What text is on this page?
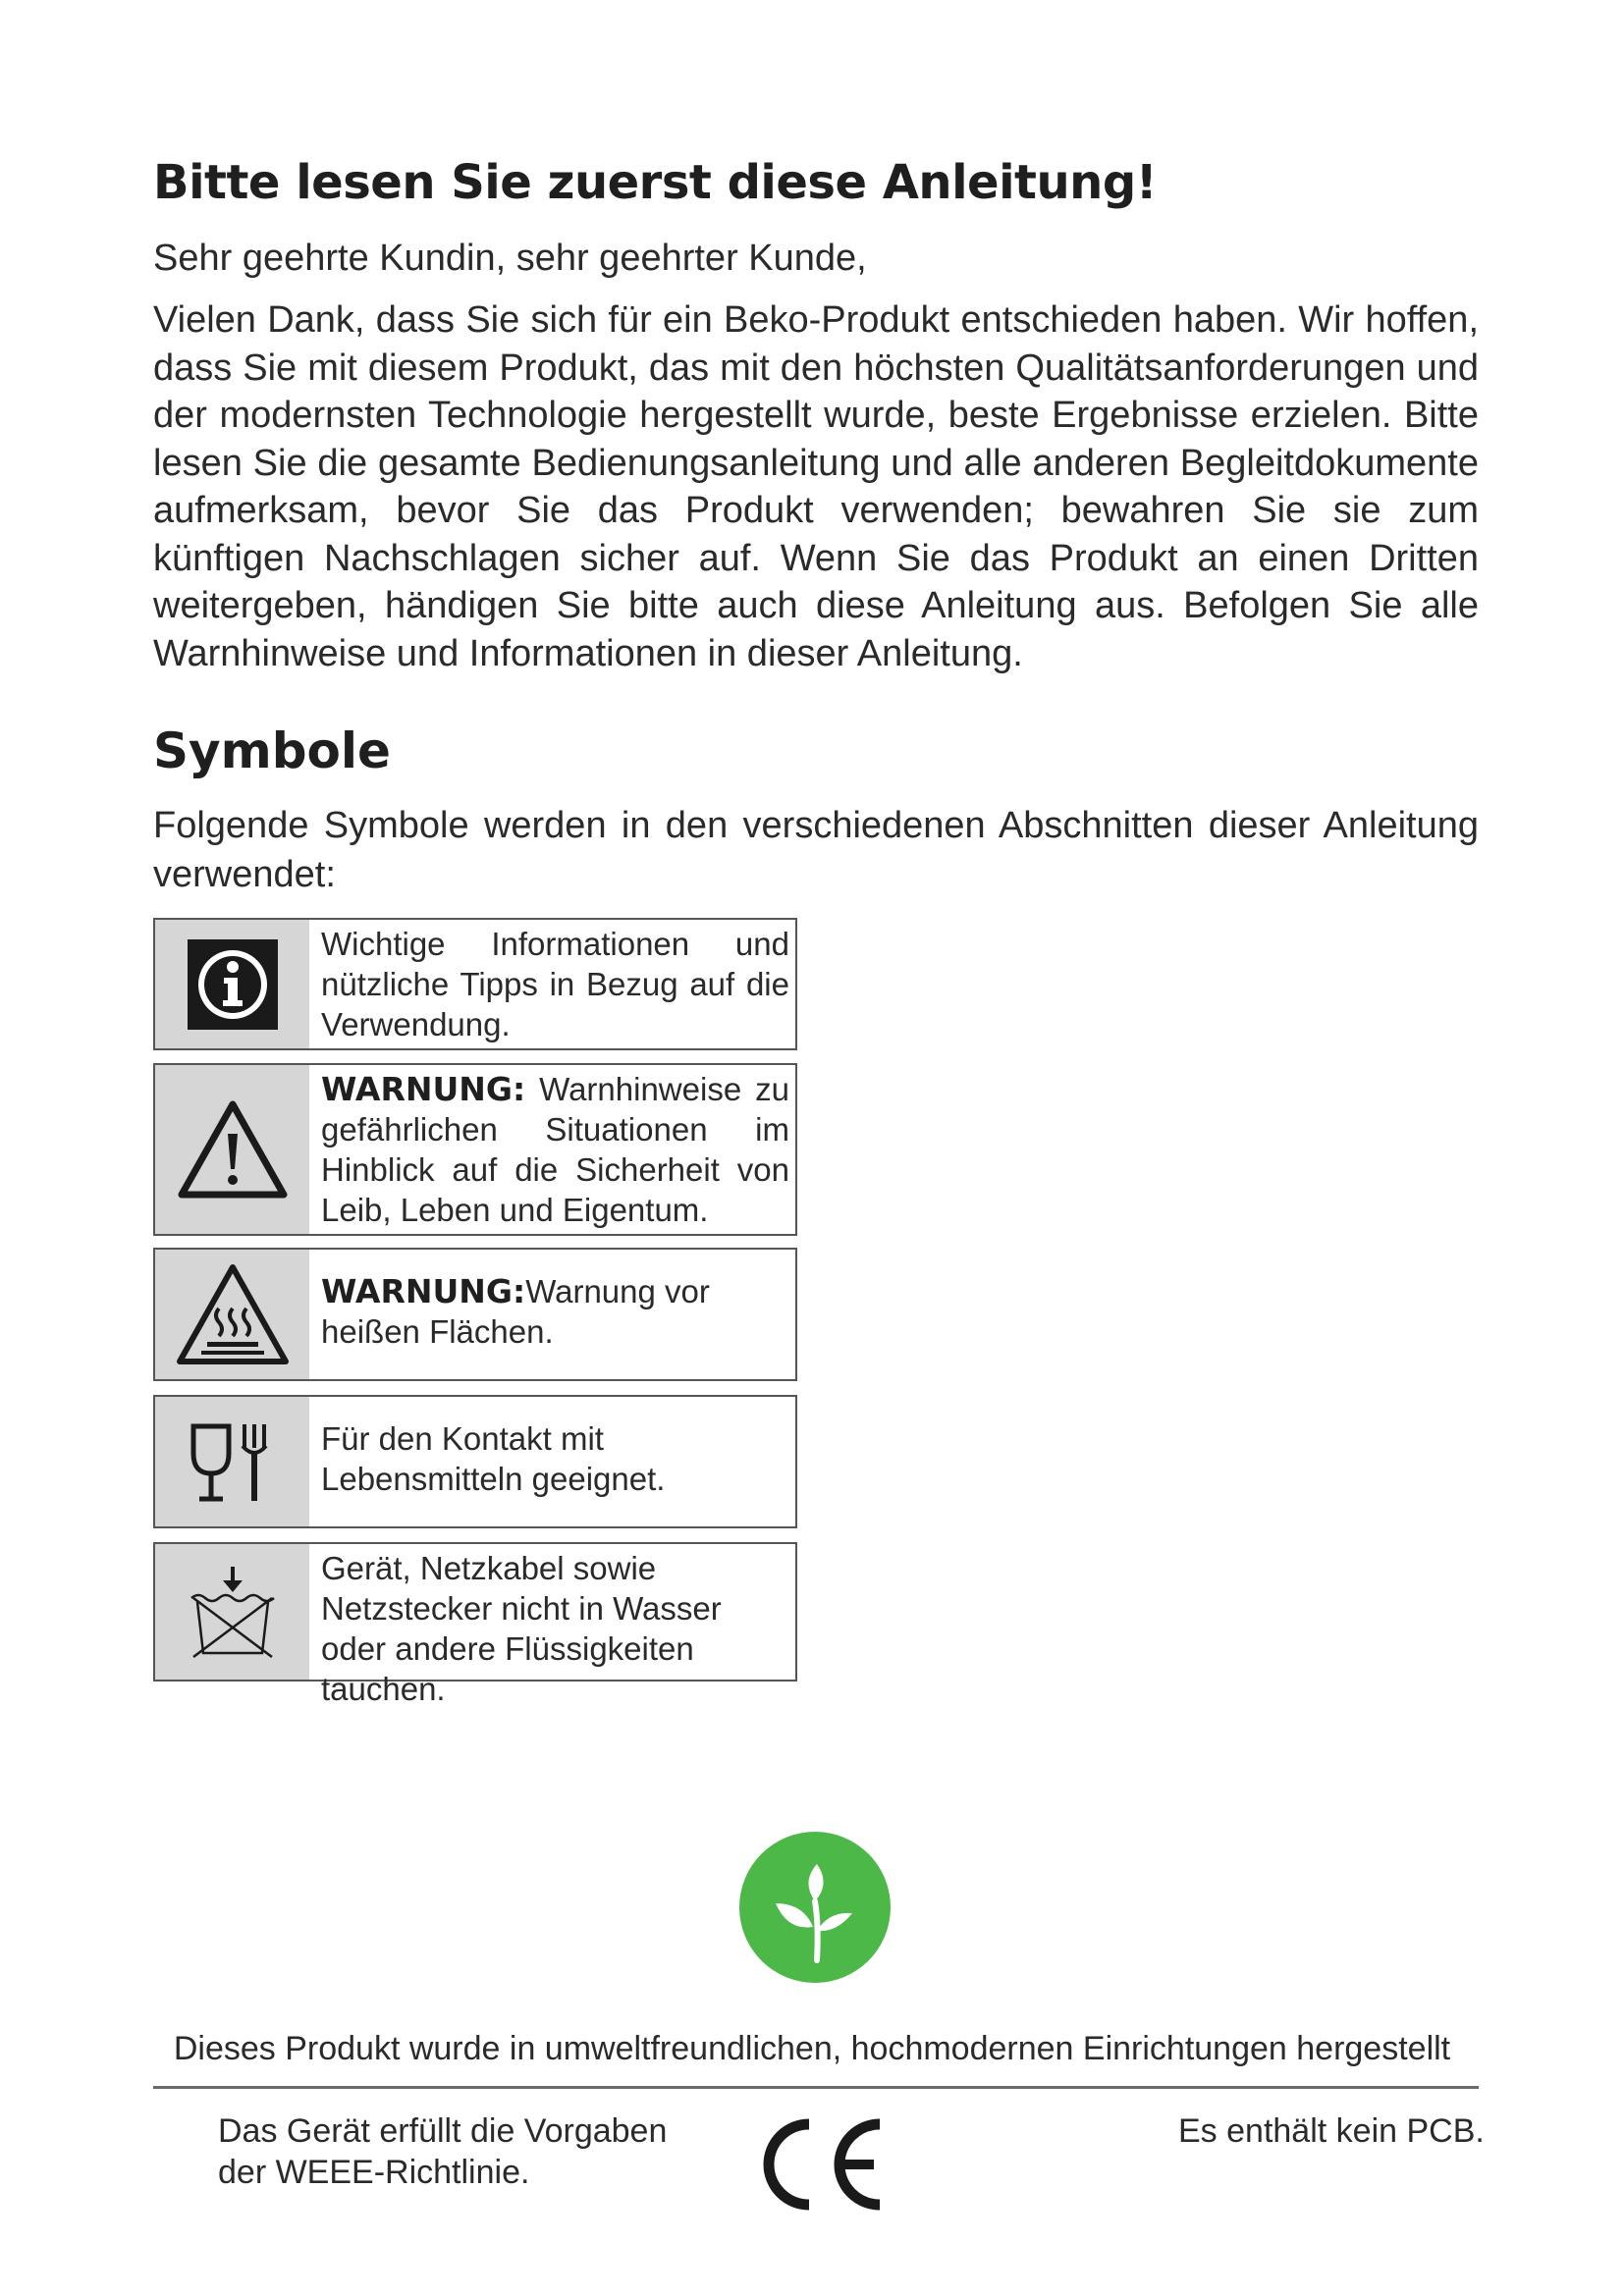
Bitte lesen Sie zuerst diese Anleitung!

Sehr geehrte Kundin, sehr geehrter Kunde,

Vielen Dank, dass Sie sich für ein Beko-Produkt entschieden haben. Wir hoffen, dass Sie mit diesem Produkt, das mit den höchsten Qualitätsanforderungen und der modernsten Technologie hergestellt wurde, beste Ergebnisse erzielen. Bitte lesen Sie die gesamte Bedienungsanleitung und alle anderen Begleitdokumente aufmerksam, bevor Sie das Produkt verwenden; bewahren Sie sie zum künftigen Nachschlagen sicher auf. Wenn Sie das Produkt an einen Dritten weitergeben, händigen Sie bitte auch diese Anleitung aus. Befolgen Sie alle Warnhinweise und Informationen in dieser Anleitung.

Symbole

Folgende Symbole werden in den verschiedenen Abschnitten dieser Anleitung verwendet:

Wichtige Informationen und nützliche Tipps in Bezug auf die Verwendung.
WARNUNG: Warnhinweise zu gefährlichen Situationen im Hinblick auf die Sicherheit von Leib, Leben und Eigentum.
WARNUNG:Warnung vor heißen Flächen.
Für den Kontakt mit Lebensmitteln geeignet.
Gerät, Netzkabel sowie Netzstecker nicht in Wasser oder andere Flüssigkeiten tauchen.

Dieses Produkt wurde in umweltfreundlichen, hochmodernen Einrichtungen hergestellt

Das Gerät erfüllt die Vorgaben
der WEEE-Richtlinie.

Es enthält kein PCB.
